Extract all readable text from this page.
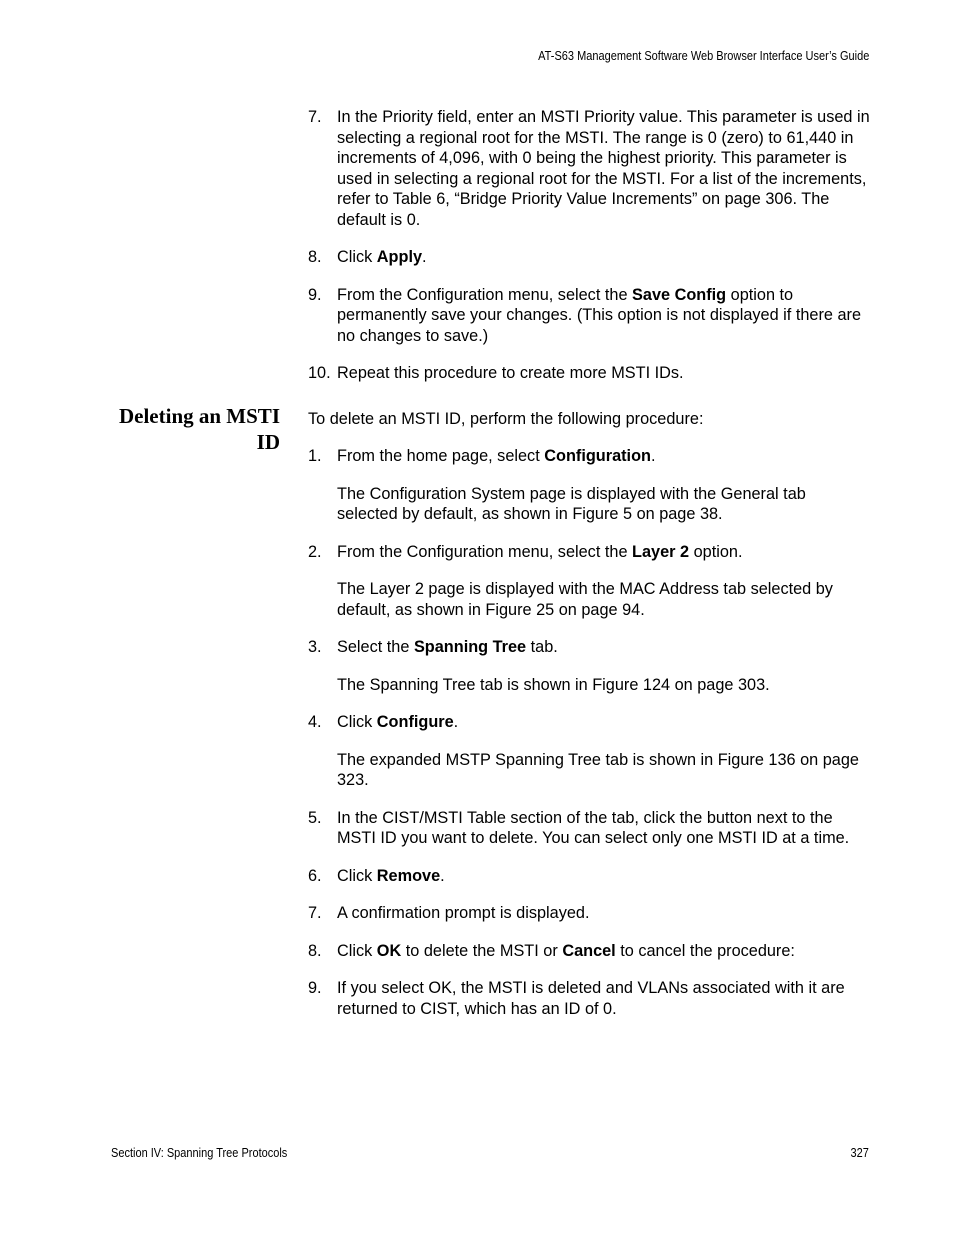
AT-S63 Management Software Web Browser Interface User’s Guide
Deleting an MSTI ID
7. In the Priority field, enter an MSTI Priority value. This parameter is used in selecting a regional root for the MSTI. The range is 0 (zero) to 61,440 in increments of 4,096, with 0 being the highest priority. This parameter is used in selecting a regional root for the MSTI. For a list of the increments, refer to Table 6, “Bridge Priority Value Increments” on page 306. The default is 0.

8. Click Apply.

9. From the Configuration menu, select the Save Config option to permanently save your changes. (This option is not displayed if there are no changes to save.)

10. Repeat this procedure to create more MSTI IDs.

To delete an MSTI ID, perform the following procedure:

1. From the home page, select Configuration.

The Configuration System page is displayed with the General tab selected by default, as shown in Figure 5 on page 38.

2. From the Configuration menu, select the Layer 2 option.

The Layer 2 page is displayed with the MAC Address tab selected by default, as shown in Figure 25 on page 94.

3. Select the Spanning Tree tab.

The Spanning Tree tab is shown in Figure 124 on page 303.

4. Click Configure.

The expanded MSTP Spanning Tree tab is shown in Figure 136 on page 323.

5. In the CIST/MSTI Table section of the tab, click the button next to the MSTI ID you want to delete. You can select only one MSTI ID at a time.

6. Click Remove.

7. A confirmation prompt is displayed.

8. Click OK to delete the MSTI or Cancel to cancel the procedure:

9. If you select OK, the MSTI is deleted and VLANs associated with it are returned to CIST, which has an ID of 0.

Section IV: Spanning Tree Protocols	327
